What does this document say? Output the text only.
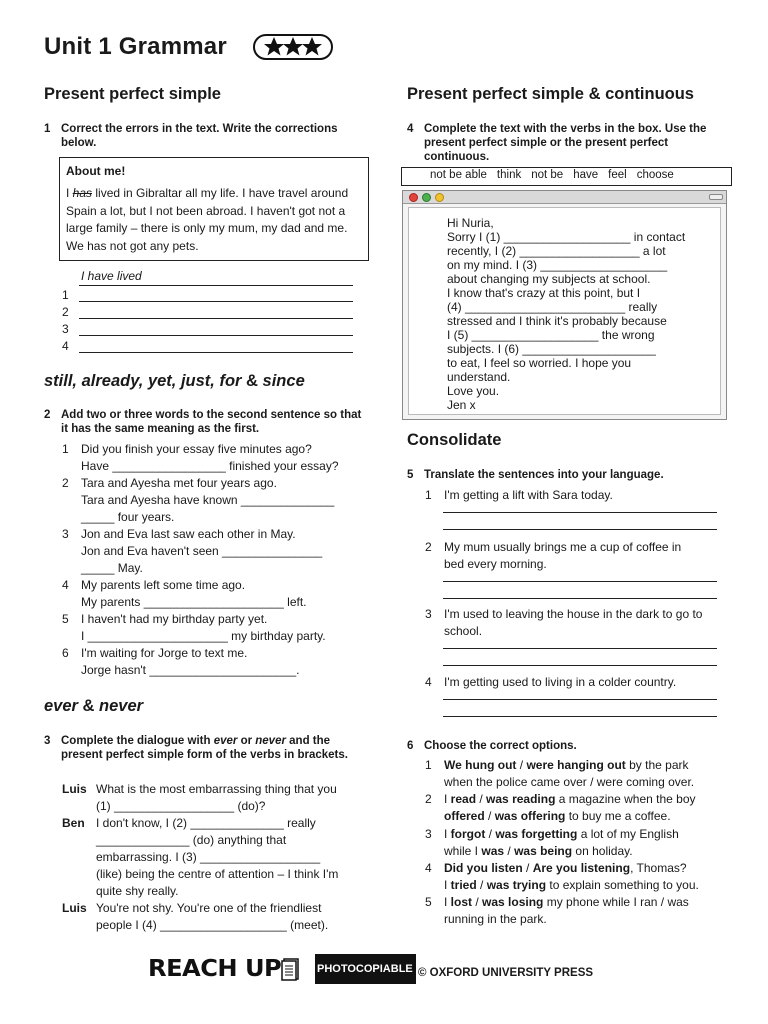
Unit 1 Grammar
Present perfect simple
1 Correct the errors in the text. Write the corrections below.
About me!
I has lived in Gibraltar all my life. I have travel around Spain a lot, but I not been abroad. I haven't got not a large family – there is only my mum, my dad and me. We has not got any pets.
I have lived
1
2
3
4
still, already, yet, just, for & since
2 Add two or three words to the second sentence so that it has the same meaning as the first.
1 Did you finish your essay five minutes ago?
Have _________________ finished your essay?
2 Tara and Ayesha met four years ago.
Tara and Ayesha have known ______________
_____ four years.
3 Jon and Eva last saw each other in May.
Jon and Eva haven't seen _______________
_____ May.
4 My parents left some time ago.
My parents _____________________ left.
5 I haven't had my birthday party yet.
I _____________________ my birthday party.
6 I'm waiting for Jorge to text me.
Jorge hasn't ______________________.
ever & never
3 Complete the dialogue with ever or never and the present perfect simple form of the verbs in brackets.
Luis What is the most embarrassing thing that you
(1) __________________ (do)?
Ben I don't know, I (2) ______________ really
______________ (do) anything that
embarrassing. I (3) __________________
(like) being the centre of attention – I think I'm
quite shy really.
Luis You're not shy. You're one of the friendliest
people I (4) ___________________ (meet).
Present perfect simple & continuous
4 Complete the text with the verbs in the box. Use the present perfect simple or the present perfect continuous.
not be able think not be have feel choose
Hi Nuria,
Sorry I (1) ___________________ in contact
recently, I (2) __________________ a lot
on my mind. I (3) ___________________
about changing my subjects at school.
I know that's crazy at this point, but I
(4) ________________________ really
stressed and I think it's probably because
I (5) ___________________ the wrong
subjects. I (6) ____________________
to eat, I feel so worried. I hope you
understand.
Love you.
Jen x
Consolidate
5 Translate the sentences into your language.
1 I'm getting a lift with Sara today.
2 My mum usually brings me a cup of coffee in
bed every morning.
3 I'm used to leaving the house in the dark to go to
school.
4 I'm getting used to living in a colder country.
6 Choose the correct options.
1 We hung out / were hanging out by the park
when the police came over / were coming over.
2 I read / was reading a magazine when the boy
offered / was offering to buy me a coffee.
3 I forgot / was forgetting a lot of my English
while I was / was being on holiday.
4 Did you listen / Are you listening, Thomas?
I tried / was trying to explain something to you.
5 I lost / was losing my phone while I ran / was
running in the park.
REACH UP	PHOTOCOPIABLE © OXFORD UNIVERSITY PRESS
